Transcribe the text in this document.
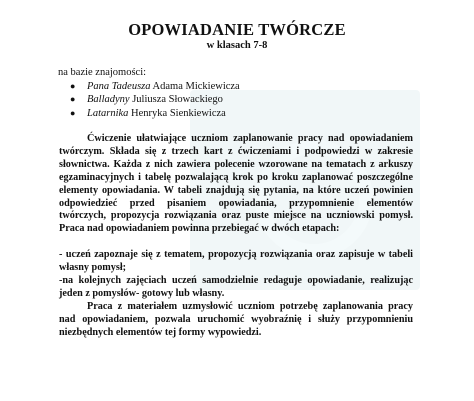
OPOWIADANIE TWÓRCZE
w klasach 7-8
na bazie znajomości:
● Pana Tadeusza Adama Mickiewicza
● Balladyny Juliusza Słowackiego
● Latarnika Henryka Sienkiewicza
Ćwiczenie ułatwiające uczniom zaplanowanie pracy nad opowiadaniem twórczym. Składa się z trzech kart z ćwiczeniami i podpowiedzi w zakresie słownictwa. Każda z nich zawiera polecenie wzorowane na tematach z arkuszy egzaminacyjnych i tabelę pozwalającą krok po kroku zaplanować poszczególne elementy opowiadania. W tabeli znajdują się pytania, na które uczeń powinien odpowiedzieć przed pisaniem opowiadania, przypomnienie elementów twórczych, propozycja rozwiązania oraz puste miejsce na uczniowski pomysł. Praca nad opowiadaniem powinna przebiegać w dwóch etapach:
- uczeń zapoznaje się z tematem, propozycją rozwiązania oraz zapisuje w tabeli własny pomysł;
-na kolejnych zajęciach uczeń samodzielnie redaguje opowiadanie, realizując jeden z pomysłów- gotowy lub własny.
Praca z materiałem uzmysłowić uczniom potrzebę zaplanowania pracy nad opowiadaniem, pozwala uruchomić wyobraźnię i służy przypomnieniu niezbędnych elementów tej formy wypowiedzi.
